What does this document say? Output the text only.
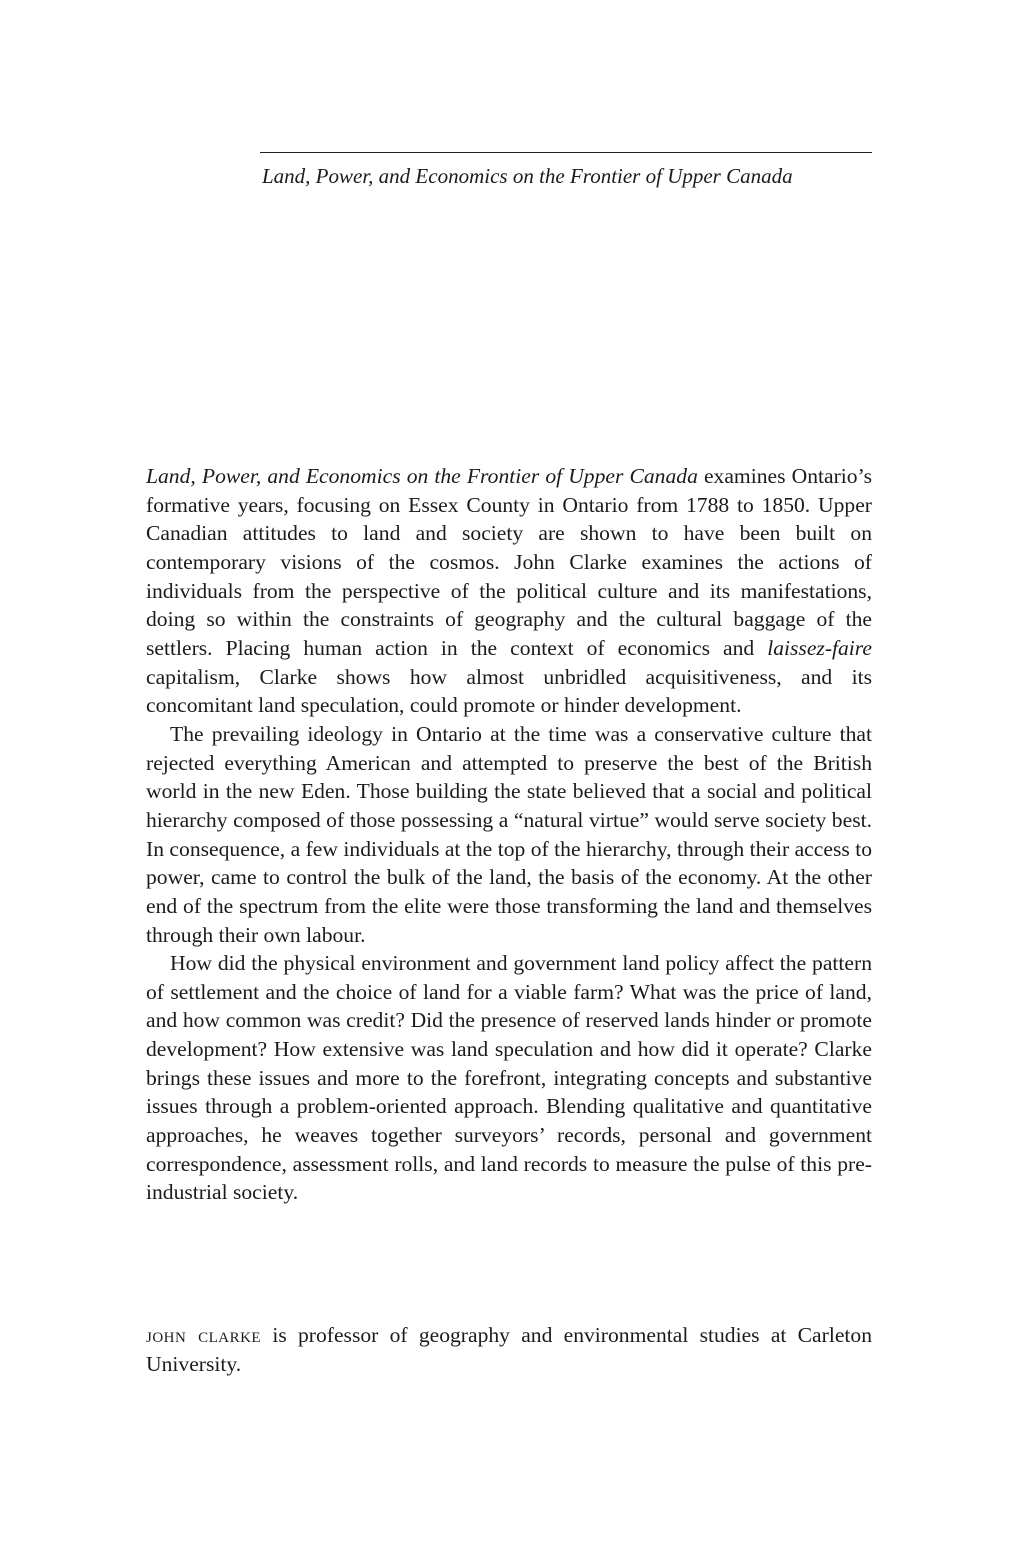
Land, Power, and Economics on the Frontier of Upper Canada

Land, Power, and Economics on the Frontier of Upper Canada examines Ontario’s formative years, focusing on Essex County in Ontario from 1788 to 1850. Upper Canadian attitudes to land and society are shown to have been built on contemporary visions of the cosmos. John Clarke examines the actions of individuals from the perspective of the political culture and its manifestations, doing so within the constraints of geography and the cultural baggage of the settlers. Placing human action in the context of economics and laissez-faire capitalism, Clarke shows how almost unbridled acquisitiveness, and its concomitant land speculation, could promote or hinder development.

The prevailing ideology in Ontario at the time was a conservative culture that rejected everything American and attempted to preserve the best of the British world in the new Eden. Those building the state believed that a social and political hierarchy composed of those possessing a “natural virtue” would serve society best. In consequence, a few individuals at the top of the hierarchy, through their access to power, came to control the bulk of the land, the basis of the economy. At the other end of the spectrum from the elite were those transforming the land and themselves through their own labour.

How did the physical environment and government land policy affect the pattern of settlement and the choice of land for a viable farm? What was the price of land, and how common was credit? Did the presence of reserved lands hinder or promote development? How extensive was land speculation and how did it operate? Clarke brings these issues and more to the forefront, integrating concepts and substantive issues through a problem-oriented approach. Blending qualitative and quantitative approaches, he weaves together surveyors’ records, personal and government correspondence, assessment rolls, and land records to measure the pulse of this pre-industrial society.

john clarke is professor of geography and environmental studies at Carleton University.
